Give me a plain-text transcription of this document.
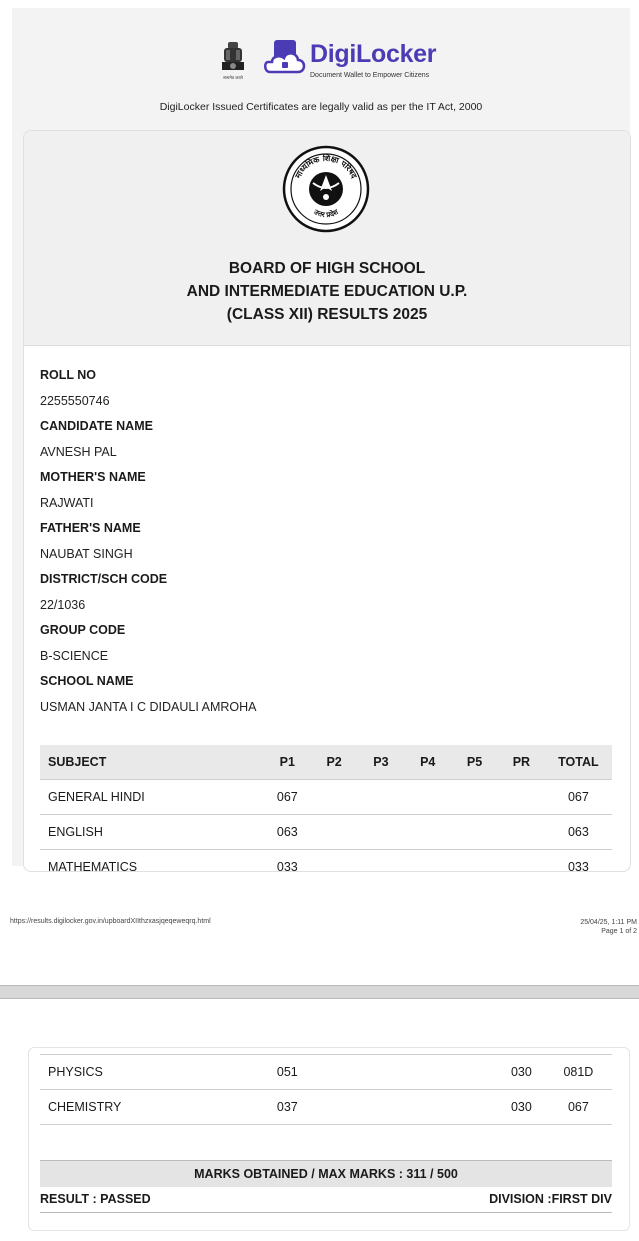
सत्यमेव जयते
DigiLocker
Document Wallet to Empower Citizens
DigiLocker Issued Certificates are legally valid as per the IT Act, 2000
माध्यमिक शिक्षा परिषद
उत्तर प्रदेश
BOARD OF HIGH SCHOOL
AND INTERMEDIATE EDUCATION U.P.
(CLASS XII) RESULTS 2025
ROLL NO
2255550746
CANDIDATE NAME
AVNESH PAL
MOTHER'S NAME
RAJWATI
FATHER'S NAME
NAUBAT SINGH
DISTRICT/SCH CODE
22/1036
GROUP CODE
B-SCIENCE
SCHOOL NAME
USMAN JANTA I C DIDAULI AMROHA
SUBJECT	P1	P2	P3	P4	P5	PR	TOTAL
GENERAL HINDI	067						067
ENGLISH	063						063
MATHEMATICS	033						033
https://results.digilocker.gov.in/upboardXIIthzxasjqeqeweqrq.html	25/04/25, 1:11 PM
Page 1 of 2
PHYSICS	051					030	081D
CHEMISTRY	037					030	067
MARKS OBTAINED / MAX MARKS : 311 / 500
RESULT : PASSED	DIVISION :FIRST DIV
